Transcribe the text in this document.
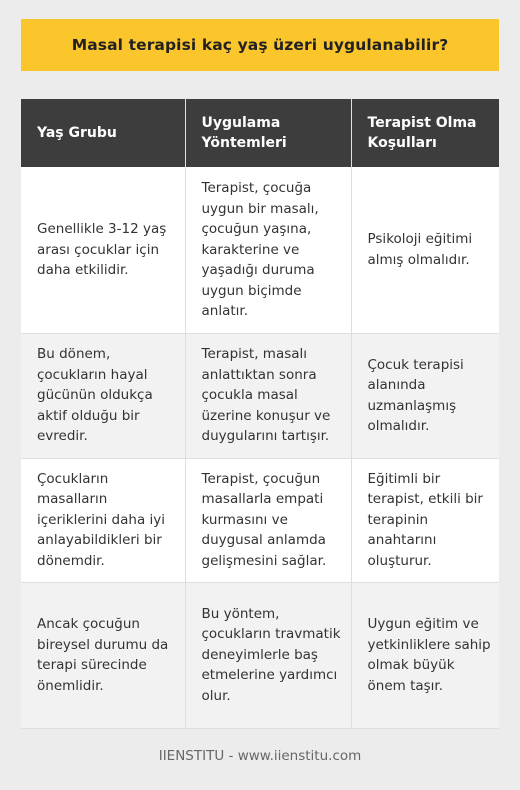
Masal terapisi kaç yaş üzeri uygulanabilir?
Yaş Grubu	Uygulama Yöntemleri	Terapist Olma Koşulları
Genellikle 3-12 yaş arası çocuklar için daha etkilidir.	Terapist, çocuğa uygun bir masalı, çocuğun yaşına, karakterine ve yaşadığı duruma uygun biçimde anlatır.	Psikoloji eğitimi almış olmalıdır.
Bu dönem, çocukların hayal gücünün oldukça aktif olduğu bir evredir.	Terapist, masalı anlattıktan sonra çocukla masal üzerine konuşur ve duygularını tartışır.	Çocuk terapisi alanında uzmanlaşmış olmalıdır.
Çocukların masalların içeriklerini daha iyi anlayabildikleri bir dönemdir.	Terapist, çocuğun masallarla empati kurmasını ve duygusal anlamda gelişmesini sağlar.	Eğitimli bir terapist, etkili bir terapinin anahtarını oluşturur.
Ancak çocuğun bireysel durumu da terapi sürecinde önemlidir.	Bu yöntem, çocukların travmatik deneyimlerle baş etmelerine yardımcı olur.	Uygun eğitim ve yetkinliklere sahip olmak büyük önem taşır.
IIENSTITU - www.iienstitu.com
